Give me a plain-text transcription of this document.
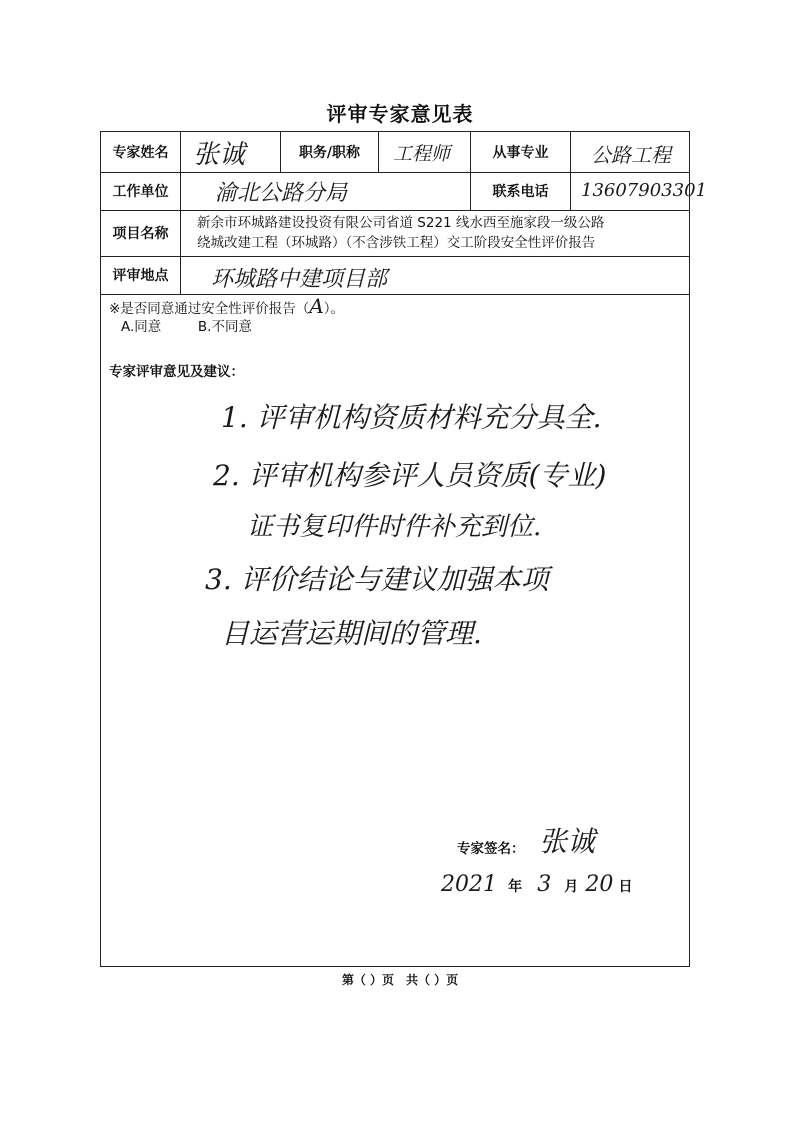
评审专家意见表
专家姓名 张诚	职务/职称	工程师	从事专业	公路工程
工作单位	渝北公路分局	联系电话	13607903301
项目名称
新余市环城路建设投资有限公司省道 S221 线水西至施家段一级公路
绕城改建工程（环城路）（不含涉铁工程）交工阶段安全性评价报告
评审地点	环城路中建项目部
※是否同意通过安全性评价报告（A）。
A.同意	B.不同意
专家评审意见及建议：
1. 评审机构资质材料充分具全.
2. 评审机构参评人员资质(专业)
证书复印件时件补充到位.
3. 评价结论与建议加强本项
目运营运期间的管理.
专家签名： 张诚
2021 年 3 月 20 日
第（ ）页　共（ ）页
